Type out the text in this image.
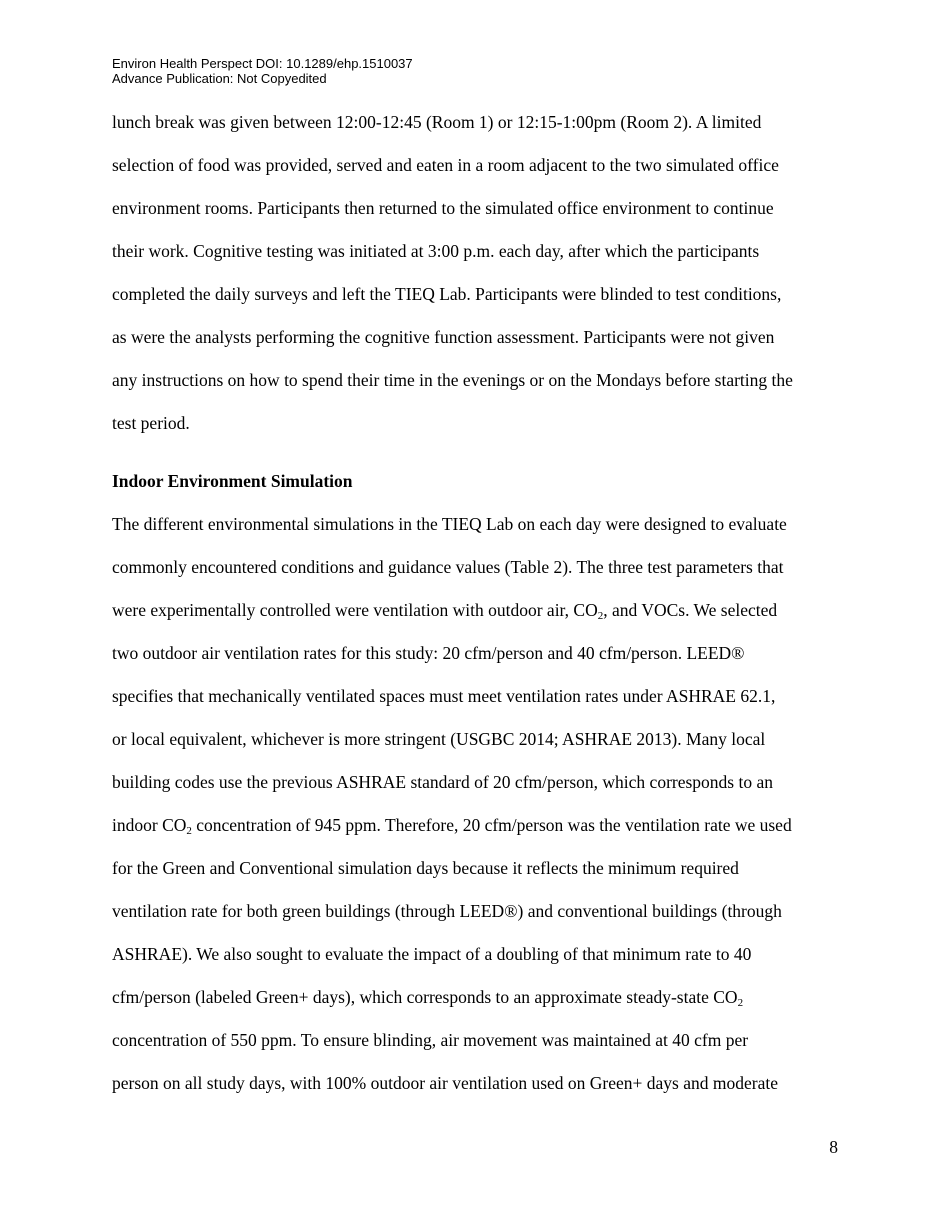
Environ Health Perspect DOI: 10.1289/ehp.1510037
Advance Publication: Not Copyedited
lunch break was given between 12:00-12:45 (Room 1) or 12:15-1:00pm (Room 2). A limited
selection of food was provided, served and eaten in a room adjacent to the two simulated office
environment rooms. Participants then returned to the simulated office environment to continue
their work. Cognitive testing was initiated at 3:00 p.m. each day, after which the participants
completed the daily surveys and left the TIEQ Lab. Participants were blinded to test conditions,
as were the analysts performing the cognitive function assessment. Participants were not given
any instructions on how to spend their time in the evenings or on the Mondays before starting the
test period.
Indoor Environment Simulation
The different environmental simulations in the TIEQ Lab on each day were designed to evaluate
commonly encountered conditions and guidance values (Table 2). The three test parameters that
were experimentally controlled were ventilation with outdoor air, $CO_2$, and VOCs. We selected
two outdoor air ventilation rates for this study: 20 cfm/person and 40 cfm/person. LEED®
specifies that mechanically ventilated spaces must meet ventilation rates under ASHRAE 62.1,
or local equivalent, whichever is more stringent (USGBC 2014; ASHRAE 2013). Many local
building codes use the previous ASHRAE standard of 20 cfm/person, which corresponds to an
indoor $CO_2$ concentration of 945 ppm. Therefore, 20 cfm/person was the ventilation rate we used
for the Green and Conventional simulation days because it reflects the minimum required
ventilation rate for both green buildings (through LEED®) and conventional buildings (through
ASHRAE). We also sought to evaluate the impact of a doubling of that minimum rate to 40
cfm/person (labeled Green+ days), which corresponds to an approximate steady-state $CO_2$
concentration of 550 ppm. To ensure blinding, air movement was maintained at 40 cfm per
person on all study days, with 100% outdoor air ventilation used on Green+ days and moderate
8
